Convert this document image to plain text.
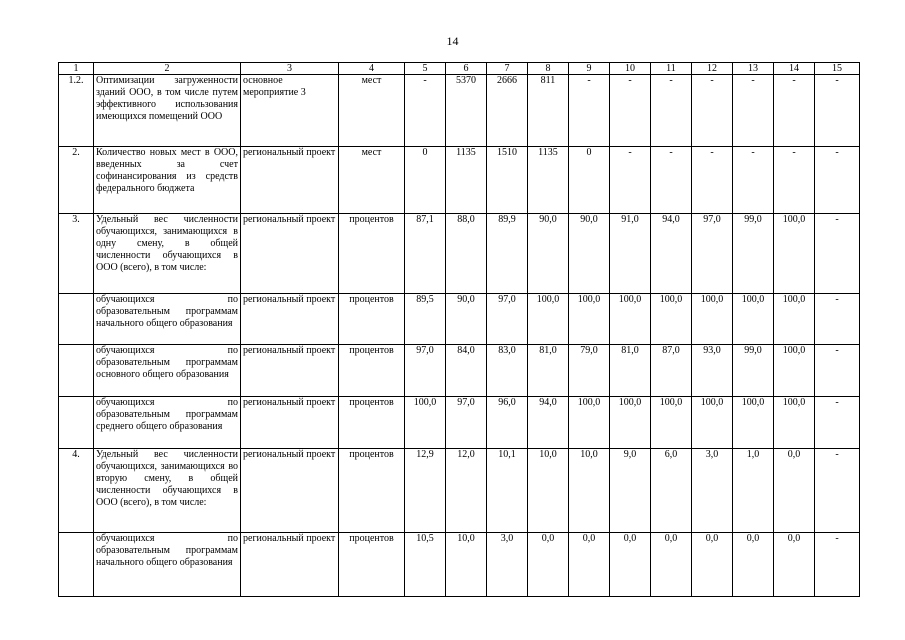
14
1	2	3	4	5	6	7	8	9	10	11	12	13	14	15
1.2.	Оптимизации загруженности зданий ООО, в том числе путем эффективного использования имеющихся помещений ООО	основное мероприятие 3	мест	-	5370	2666	811	-	-	-	-	-	-	-
2.	Количество новых мест в ООО, введенных за счет софинансирования из средств федерального бюджета	региональный проект	мест	0	1135	1510	1135	0	-	-	-	-	-	-
3.	Удельный вес численности обучающихся, занимающихся в одну смену, в общей численности обучающихся в ООО (всего), в том числе:	региональный проект	процентов	87,1	88,0	89,9	90,0	90,0	91,0	94,0	97,0	99,0	100,0	-
	обучающихся по образовательным программам начального общего образования	региональный проект	процентов	89,5	90,0	97,0	100,0	100,0	100,0	100,0	100,0	100,0	100,0	-
	обучающихся по образовательным программам основного общего образования	региональный проект	процентов	97,0	84,0	83,0	81,0	79,0	81,0	87,0	93,0	99,0	100,0	-
	обучающихся по образовательным программам среднего общего образования	региональный проект	процентов	100,0	97,0	96,0	94,0	100,0	100,0	100,0	100,0	100,0	100,0	-
4.	Удельный вес численности обучающихся, занимающихся во вторую смену, в общей численности обучающихся в ООО (всего), в том числе:	региональный проект	процентов	12,9	12,0	10,1	10,0	10,0	9,0	6,0	3,0	1,0	0,0	-
	обучающихся по образовательным программам начального общего образования	региональный проект	процентов	10,5	10,0	3,0	0,0	0,0	0,0	0,0	0,0	0,0	0,0	-
